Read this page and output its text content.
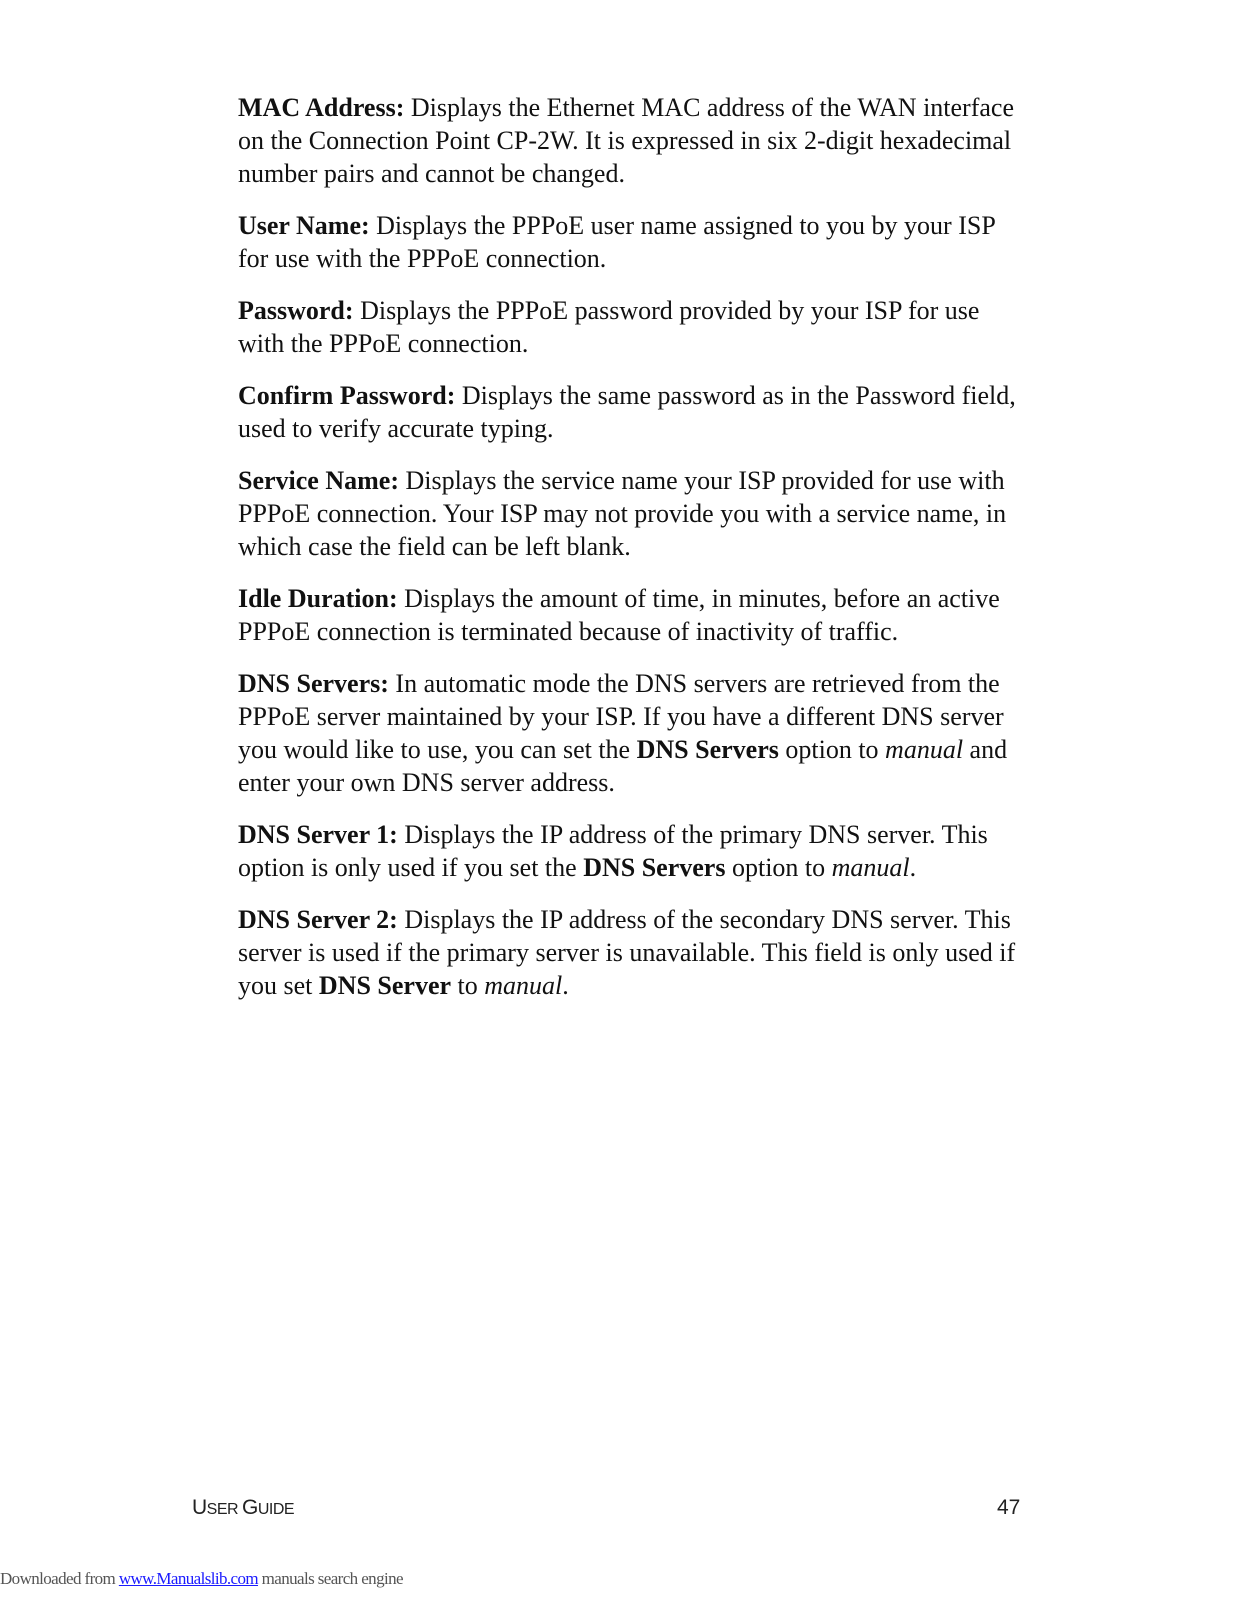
MAC Address: Displays the Ethernet MAC address of the WAN interface on the Connection Point CP-2W. It is expressed in six 2-digit hexadecimal number pairs and cannot be changed.

User Name: Displays the PPPoE user name assigned to you by your ISP for use with the PPPoE connection.

Password: Displays the PPPoE password provided by your ISP for use with the PPPoE connection.

Confirm Password: Displays the same password as in the Password field, used to verify accurate typing.

Service Name: Displays the service name your ISP provided for use with PPPoE connection. Your ISP may not provide you with a service name, in which case the field can be left blank.

Idle Duration: Displays the amount of time, in minutes, before an active PPPoE connection is terminated because of inactivity of traffic.

DNS Servers: In automatic mode the DNS servers are retrieved from the PPPoE server maintained by your ISP. If you have a different DNS server you would like to use, you can set the DNS Servers option to manual and enter your own DNS server address.

DNS Server 1: Displays the IP address of the primary DNS server. This option is only used if you set the DNS Servers option to manual.

DNS Server 2: Displays the IP address of the secondary DNS server. This server is used if the primary server is unavailable. This field is only used if you set DNS Server to manual.

USER GUIDE	47
Downloaded from www.Manualslib.com manuals search engine
